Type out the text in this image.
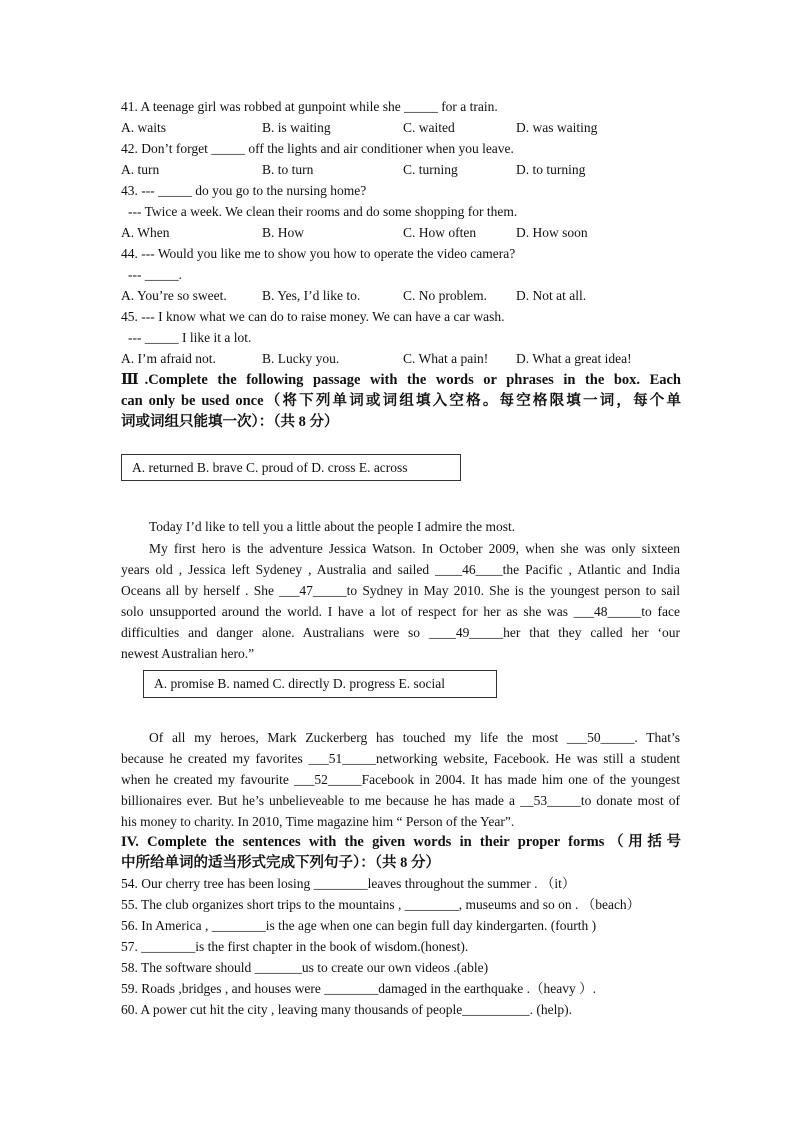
41. A teenage girl was robbed at gunpoint while she _____ for a train.
A. waits	B. is waiting	C. waited	D. was waiting
42. Don’t forget _____ off the lights and air conditioner when you leave.
A. turn	B. to turn	C. turning	D. to turning
43. --- _____ do you go to the nursing home?
--- Twice a week. We clean their rooms and do some shopping for them.
A. When	B. How	C. How often	D. How soon
44. --- Would you like me to show you how to operate the video camera?
--- _____.
A. You’re so sweet.	B. Yes, I’d like to.	C. No problem. D. Not at all.
45. --- I know what we can do to raise money. We can have a car wash.
--- _____ I like it a lot.
A. I’m afraid not.	B. Lucky you.	C. What a pain! D. What a great idea!
Ⅲ.Complete the following passage with the words or phrases in the box. Each
can only be used once（将下列单词或词组填入空格。每空格限填一词，每个单
词或词组只能填一次）：（共 8 分）
A. returned B. brave C. proud of D. cross E. across
Today I’d like to tell you a little about the people I admire the most.
My first hero is the adventure Jessica Watson. In October 2009, when she was only sixteen
years old , Jessica left Sydeney , Australia and sailed ____46____the Pacific , Atlantic and India
Oceans all by herself . She ___47_____to Sydney in May 2010. She is the youngest person to sail
solo unsupported around the world. I have a lot of respect for her as she was ___48_____to face
difficulties and danger alone. Australians were so ____49_____her that they called her ‘our
newest Australian hero.”
A. promise B. named C. directly D. progress E. social
Of all my heroes, Mark Zuckerberg has touched my life the most ___50_____. That’s
because he created my favorites ___51_____networking website, Facebook. He was still a student
when he created my favourite ___52_____Facebook in 2004. It has made him one of the youngest
billionaires ever. But he’s unbelieveable to me because he has made a __53_____to donate most of
his money to charity. In 2010, Time magazine him “ Person of the Year”.
IV. Complete the sentences with the given words in their proper forms（用括号
中所给单词的适当形式完成下列句子）：（共 8 分）
54. Our cherry tree has been losing ________leaves throughout the summer . （it）
55. The club organizes short trips to the mountains , ________, museums and so on . （beach）
56. In America , ________is the age when one can begin full day kindergarten. (fourth )
57. ________is the first chapter in the book of wisdom.(honest).
58. The software should _______us to create our own videos .(able)
59. Roads ,bridges , and houses were ________damaged in the earthquake .（heavy ）.
60. A power cut hit the city , leaving many thousands of people__________. (help).
